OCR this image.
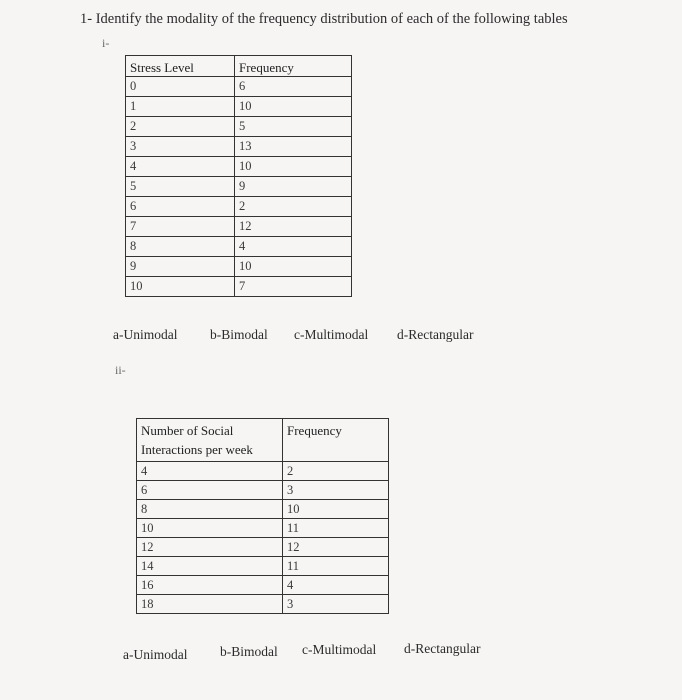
1- Identify the modality of the frequency distribution of each of the following tables
i-
Stress Level	Frequency
0	6
1	10
2	5
3	13
4	10
5	9
6	2
7	12
8	4
9	10
10	7
a-Unimodal b-Bimodal c-Multimodal d-Rectangular
ii-
Number of Social Interactions per week	Frequency
4	2
6	3
8	10
10	11
12	12
14	11
16	4
18	3
a-Unimodal b-Bimodal c-Multimodal d-Rectangular
